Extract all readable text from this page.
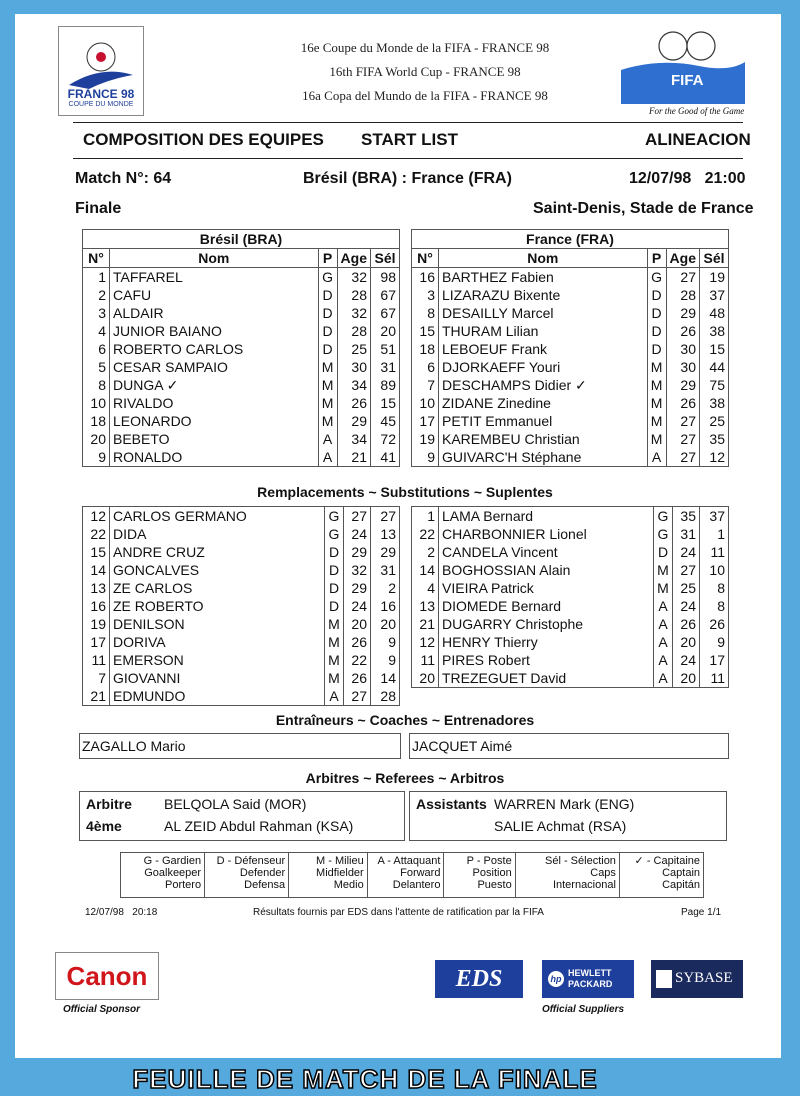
FRANCE 98
COUPE DU MONDE
16e Coupe du Monde de la FIFA - FRANCE 98
16th FIFA World Cup - FRANCE 98
16a Copa del Mundo de la FIFA - FRANCE 98
FIFA
For the Good of the Game
COMPOSITION DES EQUIPES START LIST	ALINEACION
Match N°: 64	Brésil (BRA) : France (FRA)	12/07/98   21:00
Finale	Saint-Denis, Stade de France
Brésil (BRA)				
N°	Nom	P	Age	Sél
1	TAFFAREL	G	32	98
2	CAFU	D	28	67
3	ALDAIR	D	32	67
4	JUNIOR BAIANO	D	28	20
6	ROBERTO CARLOS	D	25	51
5	CESAR SAMPAIO	M	30	31
8	DUNGA ✓	M	34	89
10	RIVALDO	M	26	15
18	LEONARDO	M	29	45
20	BEBETO	A	34	72
9	RONALDO	A	21	41
France (FRA)				
N°	Nom	P	Age	Sél
16	BARTHEZ Fabien	G	27	19
3	LIZARAZU Bixente	D	28	37
8	DESAILLY Marcel	D	29	48
15	THURAM Lilian	D	26	38
18	LEBOEUF Frank	D	30	15
6	DJORKAEFF Youri	M	30	44
7	DESCHAMPS Didier ✓	M	29	75
10	ZIDANE Zinedine	M	26	38
17	PETIT Emmanuel	M	27	25
19	KAREMBEU Christian	M	27	35
9	GUIVARC'H Stéphane	A	27	12
Remplacements ~ Substitutions ~ Suplentes
12	CARLOS GERMANO	G	27	27
22	DIDA	G	24	13
15	ANDRE CRUZ	D	29	29
14	GONCALVES	D	32	31
13	ZE CARLOS	D	29	2
16	ZE ROBERTO	D	24	16
19	DENILSON	M	20	20
17	DORIVA	M	26	9
11	EMERSON	M	22	9
7	GIOVANNI	M	26	14
21	EDMUNDO	A	27	28
1	LAMA Bernard	G	35	37
22	CHARBONNIER Lionel	G	31	1
2	CANDELA Vincent	D	24	11
14	BOGHOSSIAN Alain	M	27	10
4	VIEIRA Patrick	M	25	8
13	DIOMEDE Bernard	A	24	8
21	DUGARRY Christophe	A	26	26
12	HENRY Thierry	A	20	9
11	PIRES Robert	A	24	17
20	TREZEGUET David	A	20	11
Entraîneurs ~ Coaches ~ Entrenadores
ZAGALLO Mario	JACQUET Aimé
Arbitres ~ Referees ~ Arbitros
Arbitre BELQOLA Said (MOR)
4ème	AL ZEID Abdul Rahman (KSA)
Assistants WARREN Mark (ENG)
SALIE Achmat (RSA)
G - Gardien
Goalkeeper
Portero
D - Défenseur
Defender
Defensa
M - Milieu
Midfielder
Medio
A - Attaquant
Forward
Delantero
P - Poste
Position
Puesto
Sél - Sélection
Caps
Internacional
✓ - Capitaine
Captain
Capitán
12/07/98   20:18	Résultats fournis par EDS dans l'attente de ratification par la FIFA	Page 1/1
Canon
Official Sponsor
EDS	hp
HEWLETT PACKARD	SYBASE
Official Suppliers
FEUILLE DE MATCH DE LA FINALE
